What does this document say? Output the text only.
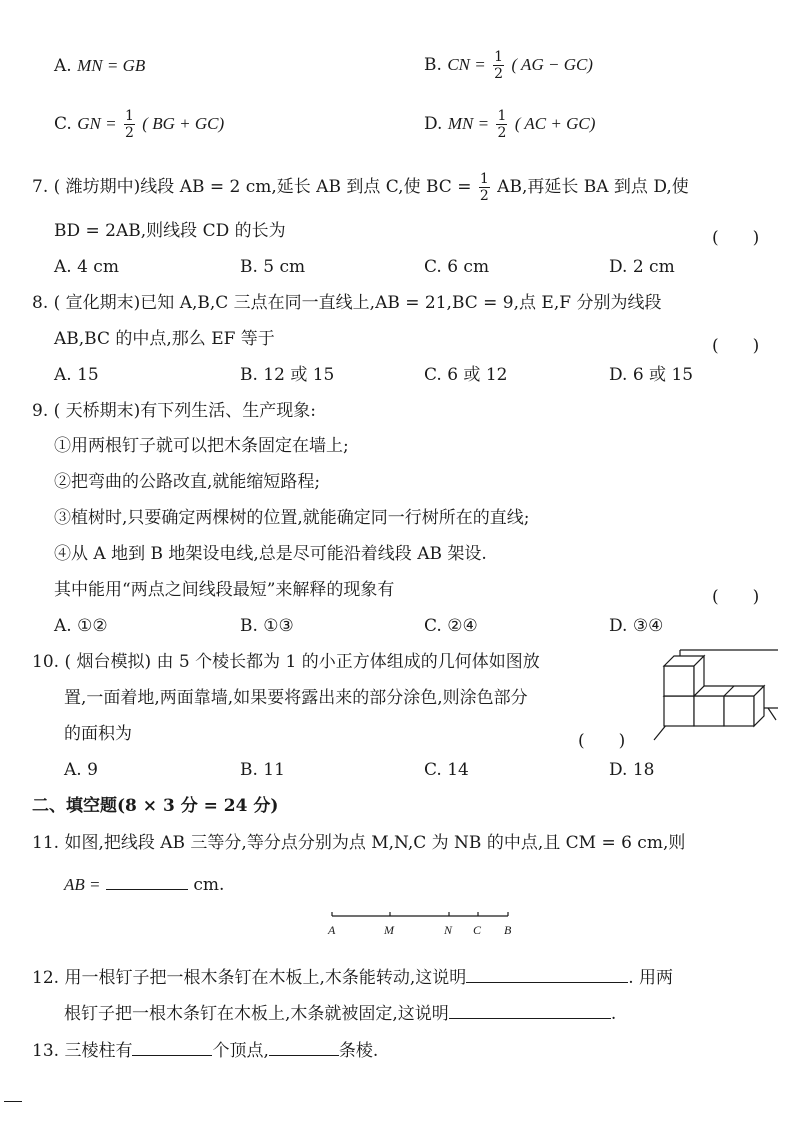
A. MN = GB	B. CN = $\frac{1}{2}$ ( AG − GC)
C. GN = $\frac{1}{2}$ ( BG + GC)	D. MN = $\frac{1}{2}$ ( AC + GC)
7. ( 潍坊期中)线段 AB = 2 cm,延长 AB 到点 C,使 BC = $\frac{1}{2}$ AB,再延长 BA 到点 D,使
BD = 2AB,则线段 CD 的长为	(　　)
A. 4 cm	B. 5 cm	C. 6 cm	D. 2 cm
8. ( 宣化期末)已知 A,B,C 三点在同一直线上,AB = 21,BC = 9,点 E,F 分别为线段
AB,BC 的中点,那么 EF 等于	(　　)
A. 15	B. 12 或 15	C. 6 或 12	D. 6 或 15
9. ( 天桥期末)有下列生活、生产现象:
①用两根钉子就可以把木条固定在墙上;
②把弯曲的公路改直,就能缩短路程;
③植树时,只要确定两棵树的位置,就能确定同一行树所在的直线;
④从 A 地到 B 地架设电线,总是尽可能沿着线段 AB 架设.
其中能用“两点之间线段最短”来解释的现象有	(　　)
A. ①②	B. ①③	C. ②④	D. ③④
10. ( 烟台模拟) 由 5 个棱长都为 1 的小正方体组成的几何体如图放
置,一面着地,两面靠墙,如果要将露出来的部分涂色,则涂色部分
的面积为	(　　)
A. 9	B. 11	C. 14	D. 18
二、填空题(8 × 3 分 = 24 分)
11. 如图,把线段 AB 三等分,等分点分别为点 M,N,C 为 NB 的中点,且 CM = 6 cm,则
AB =	cm.
A	M	N C B
12. 用一根钉子把一根木条钉在木板上,木条能转动,这说明	. 用两
根钉子把一根木条钉在木板上,木条就被固定,这说明	.
13. 三棱柱有	个顶点,	条棱.
